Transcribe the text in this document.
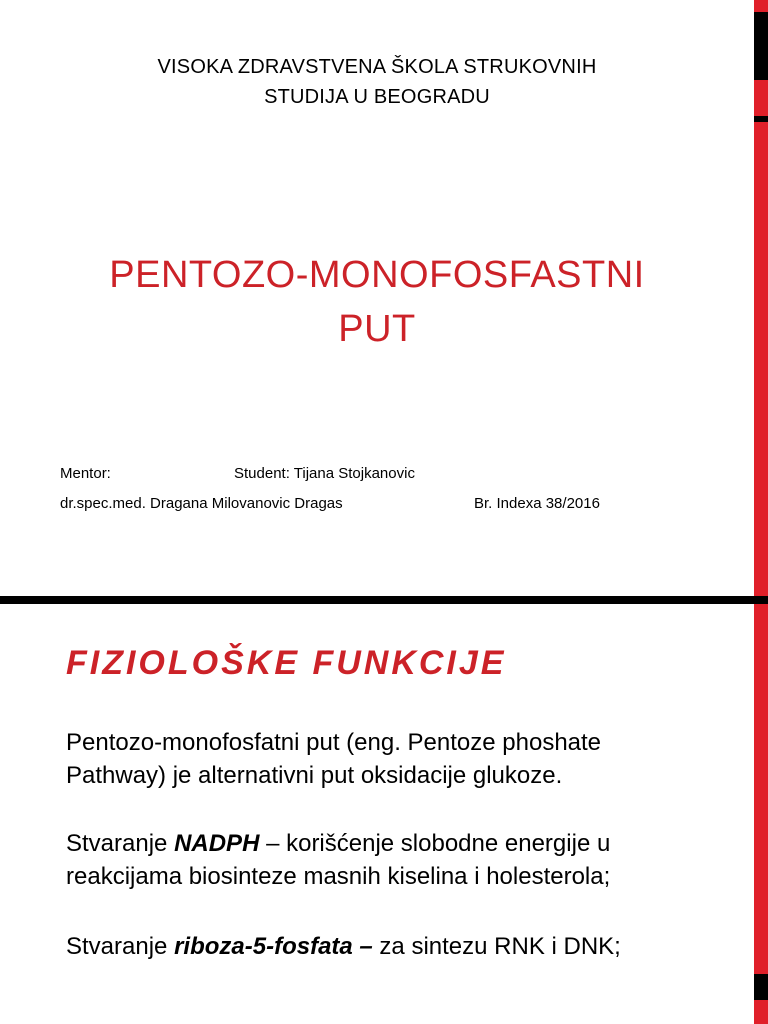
VISOKA ZDRAVSTVENA ŠKOLA STRUKOVNIH
STUDIJA U BEOGRADU
PENTOZO-MONOFOSFASTNI
PUT
Mentor:	Student: Tijana Stojkanovic
dr.spec.med. Dragana Milovanovic Dragas	Br. Indexa 38/2016
FIZIOLOŠKE FUNKCIJE
Pentozo-monofosfatni put (eng. Pentoze phoshate
Pathway) je alternativni put oksidacije glukoze.
Stvaranje NADPH – korišćenje slobodne energije u
reakcijama biosinteze masnih kiselina i holesterola;
Stvaranje riboza-5-fosfata – za sintezu RNK i DNK;
